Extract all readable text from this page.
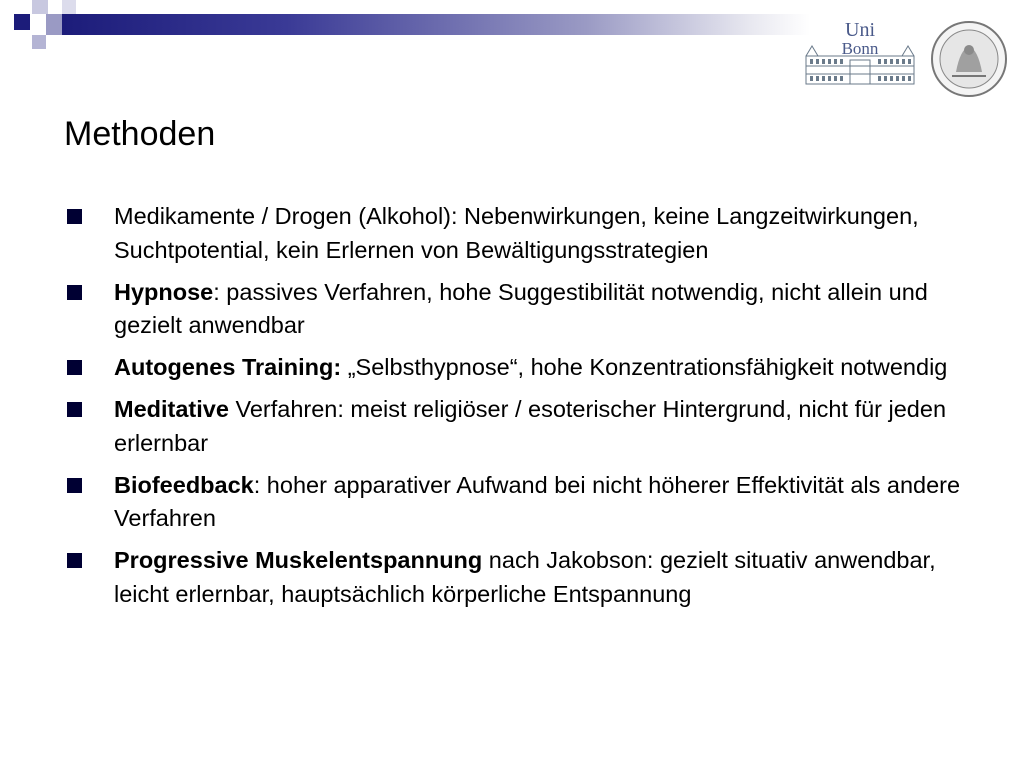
Uni
Bonn
Methoden
Medikamente / Drogen (Alkohol): Nebenwirkungen, keine Langzeitwirkungen, Suchtpotential, kein Erlernen von Bewältigungsstrategien
Hypnose: passives Verfahren, hohe Suggestibilität notwendig, nicht allein und gezielt anwendbar
Autogenes Training: „Selbsthypnose“, hohe Konzentrationsfähigkeit notwendig
Meditative Verfahren: meist religiöser / esoterischer Hintergrund, nicht für jeden erlernbar
Biofeedback: hoher apparativer Aufwand bei nicht höherer Effektivität als andere Verfahren
Progressive Muskelentspannung nach Jakobson: gezielt situativ anwendbar, leicht erlernbar, hauptsächlich körperliche Entspannung
